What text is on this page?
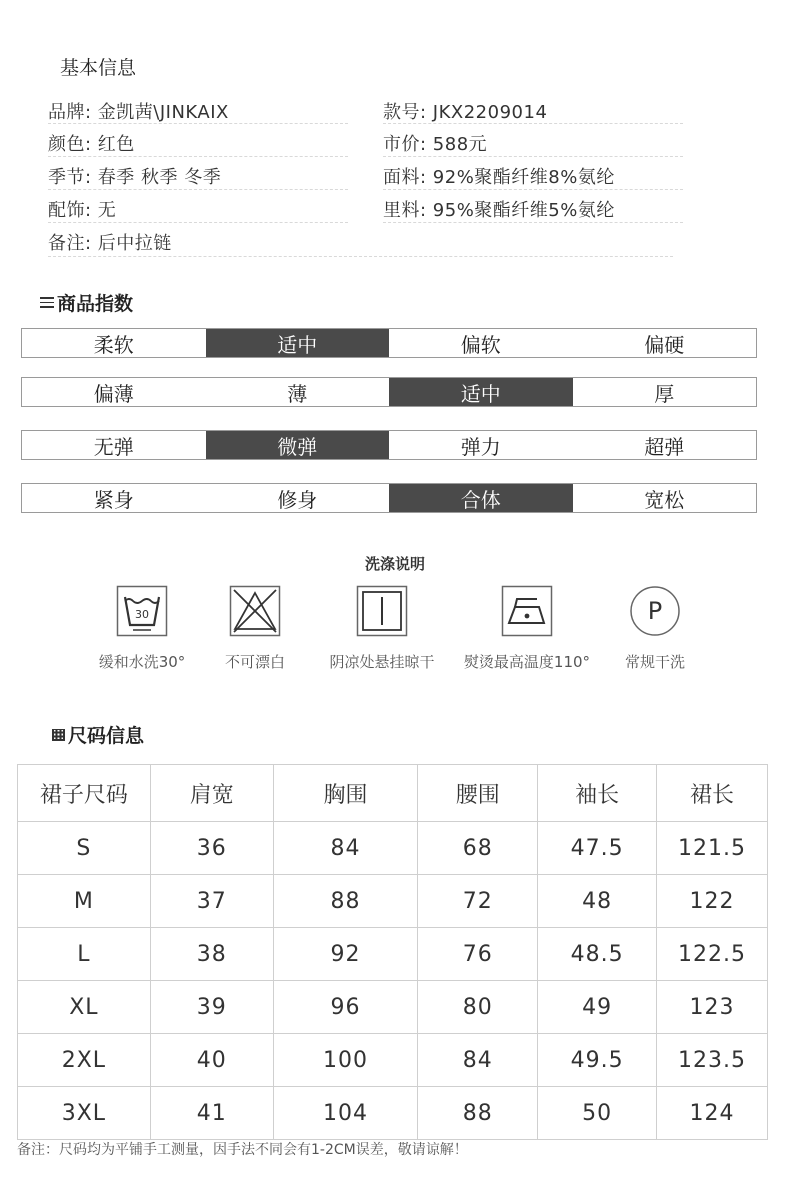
基本信息
品牌: 金凯茜\JINKAIX
颜色: 红色
季节: 春季 秋季 冬季
配饰: 无
备注: 后中拉链
款号: JKX2209014
市价: 588元
面料: 92%聚酯纤维8%氨纶
里料: 95%聚酯纤维5%氨纶
商品指数
柔软	适中	偏软	偏硬
偏薄	薄	适中	厚
无弹	微弹	弹力	超弹
紧身	修身	合体	宽松
洗涤说明
30
缓和水洗30°	不可漂白	阴凉处悬挂晾干	熨烫最高温度110°
P
常规干洗
尺码信息
裙子尺码	肩宽	胸围	腰围	袖长	裙长
S	36	84	68	47.5	121.5
M	37	88	72	48	122
L	38	92	76	48.5	122.5
XL	39	96	80	49	123
2XL	40	100	84	49.5	123.5
3XL	41	104	88	50	124
备注：尺码均为平铺手工测量，因手法不同会有1-2CM误差，敬请谅解！
